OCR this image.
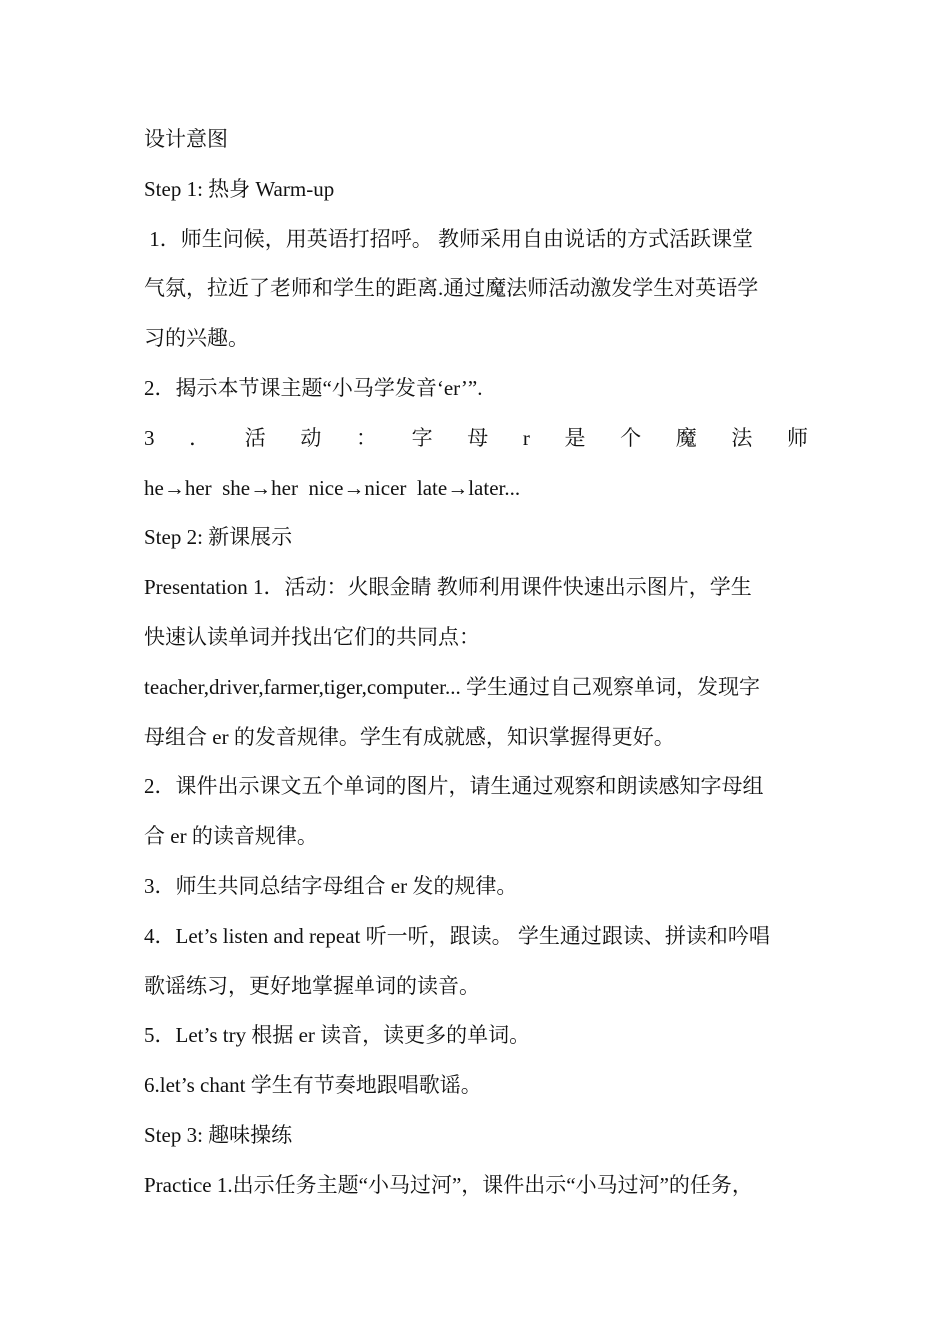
设计意图
Step 1: 热身 Warm-up
1．师生问候，用英语打招呼。 教师采用自由说话的方式活跃课堂
气氛，拉近了老师和学生的距离.通过魔法师活动激发学生对英语学
习的兴趣。
2．揭示本节课主题“小马学发音‘er’”.
3 ． 活 动 ： 字 母 r 是 个 魔 法 师
he→her  she→her  nice→nicer  late→later...
Step 2: 新课展示
Presentation 1．活动：火眼金睛 教师利用课件快速出示图片，学生
快速认读单词并找出它们的共同点：
teacher,driver,farmer,tiger,computer... 学生通过自己观察单词，发现字
母组合 er 的发音规律。学生有成就感，知识掌握得更好。
2．课件出示课文五个单词的图片，请生通过观察和朗读感知字母组
合 er 的读音规律。
3．师生共同总结字母组合 er 发的规律。
4．Let’s listen and repeat 听一听，跟读。 学生通过跟读、拼读和吟唱
歌谣练习，更好地掌握单词的读音。
5．Let’s try 根据 er 读音，读更多的单词。
6.let’s chant 学生有节奏地跟唱歌谣。
Step 3: 趣味操练
Practice 1.出示任务主题“小马过河”，课件出示“小马过河”的任务，
